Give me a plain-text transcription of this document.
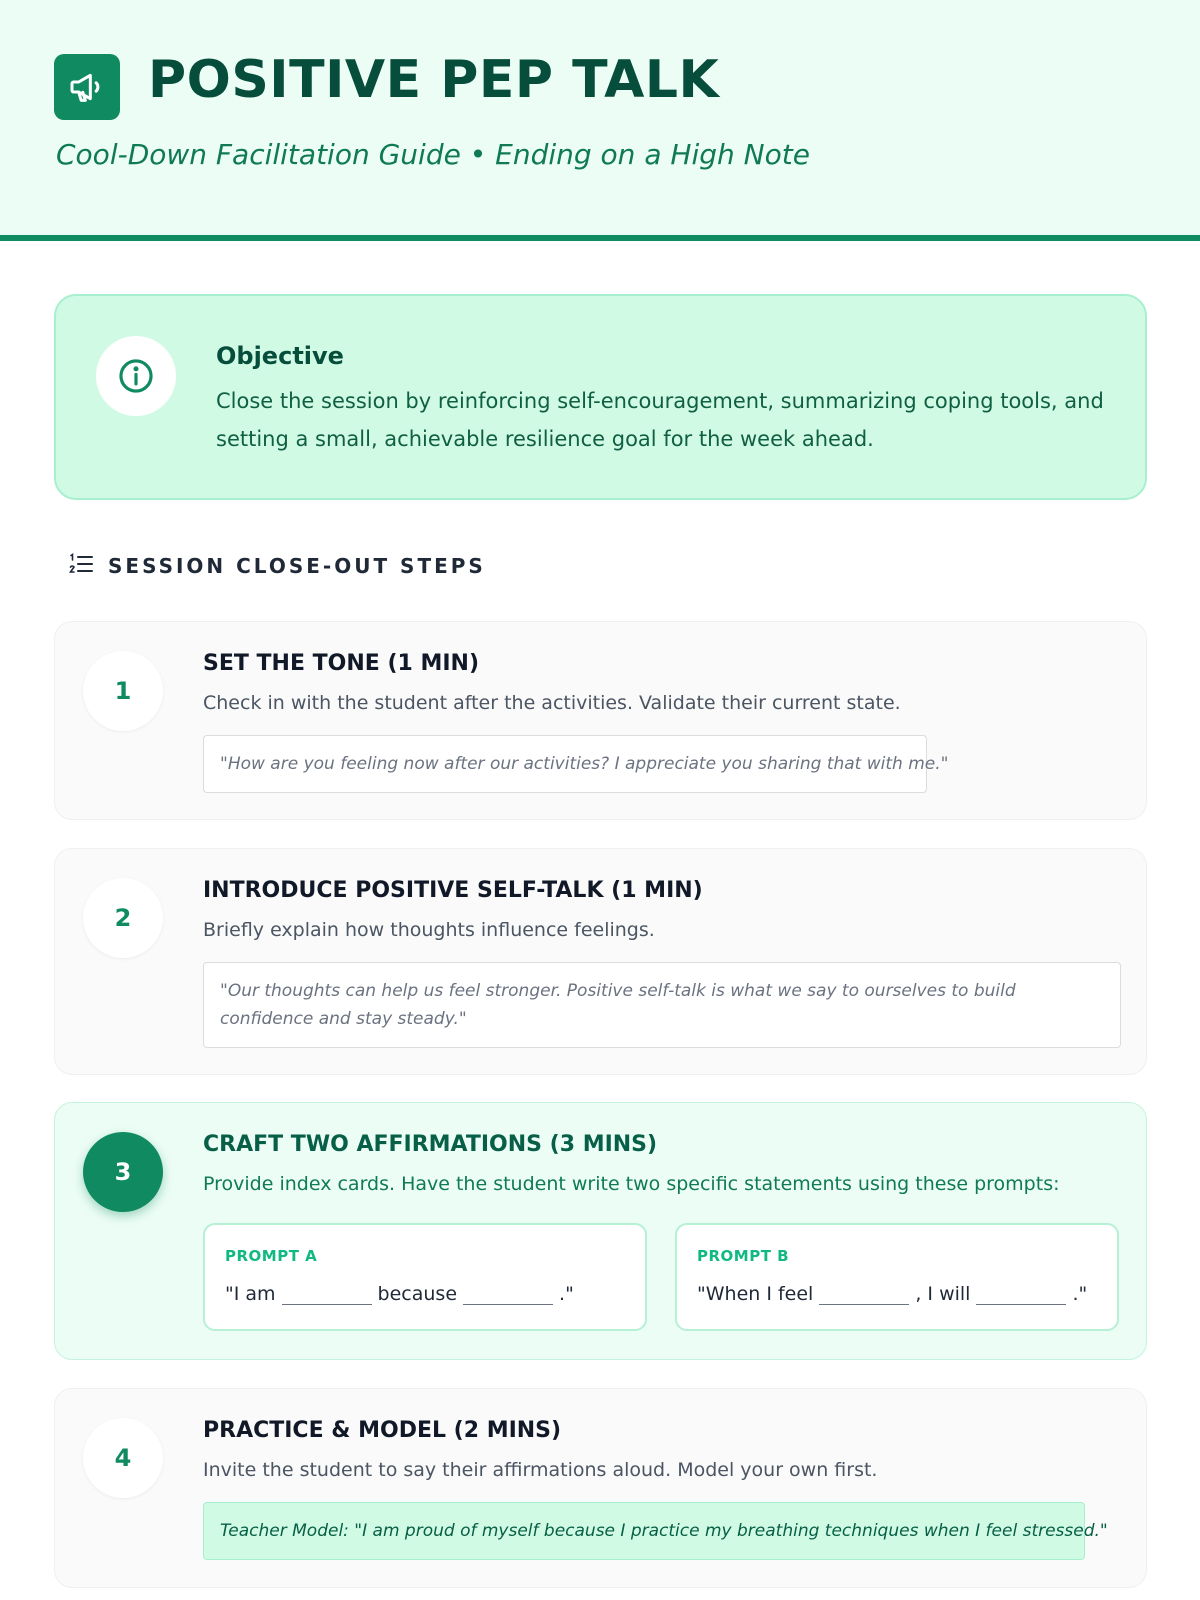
POSITIVE PEP TALK
Cool-Down Facilitation Guide • Ending on a High Note
Objective
Close the session by reinforcing self-encouragement, summarizing coping tools, and setting a small, achievable resilience goal for the week ahead.
SESSION CLOSE-OUT STEPS
1
SET THE TONE (1 MIN)
Check in with the student after the activities. Validate their current state.
"How are you feeling now after our activities? I appreciate you sharing that with me."
2
INTRODUCE POSITIVE SELF-TALK (1 MIN)
Briefly explain how thoughts influence feelings.
"Our thoughts can help us feel stronger. Positive self-talk is what we say to ourselves to build confidence and stay steady."
3
CRAFT TWO AFFIRMATIONS (3 MINS)
Provide index cards. Have the student write two specific statements using these prompts:
PROMPT A
"I am	because	."
PROMPT B
"When I feel	, I will	."
4
PRACTICE & MODEL (2 MINS)
Invite the student to say their affirmations aloud. Model your own first.
Teacher Model: "I am proud of myself because I practice my breathing techniques when I feel stressed."
